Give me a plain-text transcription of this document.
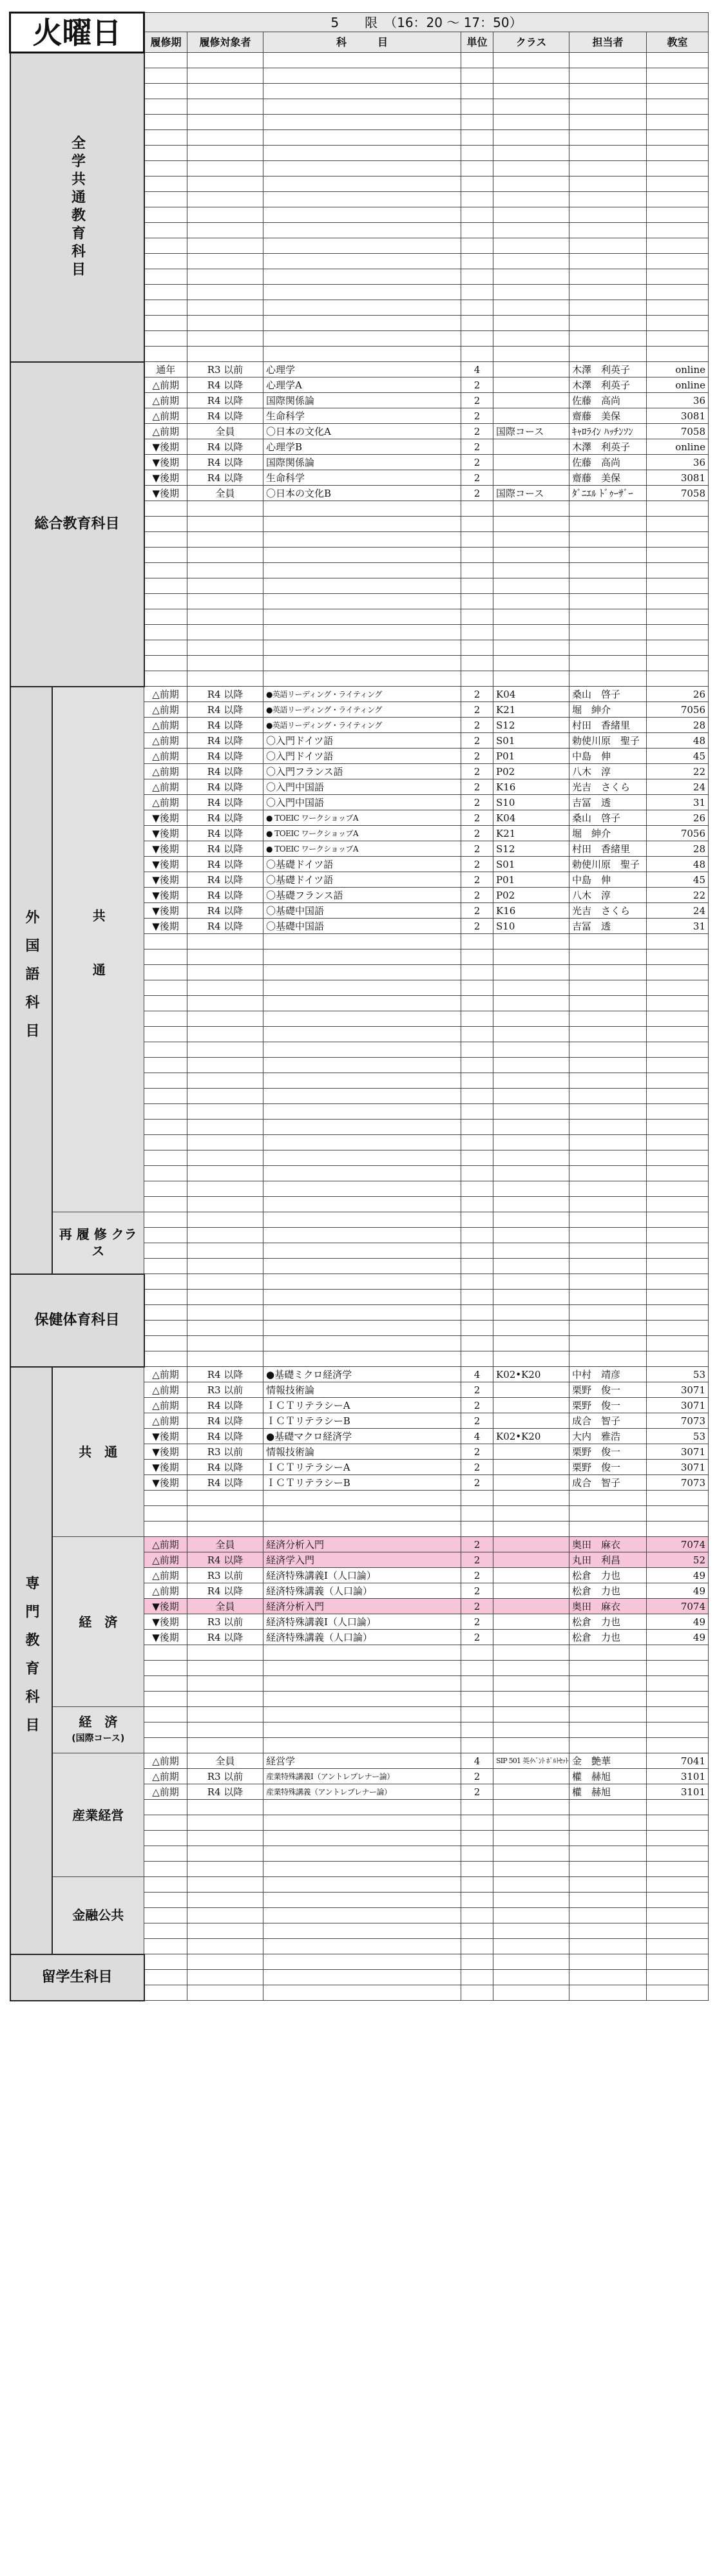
火曜日		5　　限　（16：20 〜 17：50）						
		履修期	履修対象者	科　　　目	単位	クラス	担当者	教室
全学共通教育科目								

総合教育科目		通年	R3 以前	心理学	4		木澤　利英子	online
		△前期	R4 以降	心理学A	2		木澤　利英子	online
		△前期	R4 以降	国際関係論	2		佐藤　高尚	36
		△前期	R4 以降	生命科学	2		齋藤　美保	3081
		△前期	全員	〇日本の文化A	2	国際コース	ｷｬﾛﾗｲﾝ ﾊｯﾁﾝｿﾝ	7058
		▼後期	R4 以降	心理学B	2		木澤　利英子	online
		▼後期	R4 以降	国際関係論	2		佐藤　高尚	36
		▼後期	R4 以降	生命科学	2		齋藤　美保	3081
		▼後期	全員	〇日本の文化B	2	国際コース	ﾀﾞﾆｴﾙ ﾄﾞｩｰｻﾞｰ	7058

外国語科目	共　通	△前期	R4 以降	●英語リーディング・ライティング	2	K04	桑山　啓子	26
		△前期	R4 以降	●英語リーディング・ライティング	2	K21	堀　紳介	7056
		△前期	R4 以降	●英語リーディング・ライティング	2	S12	村田　香緒里	28
		△前期	R4 以降	〇入門ドイツ語	2	S01	勅使川原　聖子	48
		△前期	R4 以降	〇入門ドイツ語	2	P01	中島　伸	45
		△前期	R4 以降	〇入門フランス語	2	P02	八木　淳	22
		△前期	R4 以降	〇入門中国語	2	K16	光吉　さくら	24
		△前期	R4 以降	〇入門中国語	2	S10	吉冨　透	31
		▼後期	R4 以降	● TOEIC ワークショップA	2	K04	桑山　啓子	26
		▼後期	R4 以降	● TOEIC ワークショップA	2	K21	堀　紳介	7056
		▼後期	R4 以降	● TOEIC ワークショップA	2	S12	村田　香緒里	28
		▼後期	R4 以降	〇基礎ドイツ語	2	S01	勅使川原　聖子	48
		▼後期	R4 以降	〇基礎ドイツ語	2	P01	中島　伸	45
		▼後期	R4 以降	〇基礎フランス語	2	P02	八木　淳	22
		▼後期	R4 以降	〇基礎中国語	2	K16	光吉　さくら	24
		▼後期	R4 以降	〇基礎中国語	2	S10	吉冨　透	31

	再 履 修 クラス							

保健体育科目								

専門教育科目	共　通	△前期	R4 以降	●基礎ミクロ経済学	4	K02•K20	中村　靖彦	53
		△前期	R3 以前	情報技術論	2		栗野　俊一	3071
		△前期	R4 以降	ＩＣＴリテラシーA	2		栗野　俊一	3071
		△前期	R4 以降	ＩＣＴリテラシーB	2		成合　智子	7073
		▼後期	R4 以降	●基礎マクロ経済学	4	K02•K20	大内　雅浩	53
		▼後期	R3 以前	情報技術論	2		栗野　俊一	3071
		▼後期	R4 以降	ＩＣＴリテラシーA	2		栗野　俊一	3071
		▼後期	R4 以降	ＩＣＴリテラシーB	2		成合　智子	7073

	経　済	△前期	全員	経済分析入門	2		奥田　麻衣	7074
		△前期	R4 以降	経済学入門	2		丸田　利昌	52
		△前期	R3 以前	経済特殊講義Ⅰ（人口論）	2		松倉　力也	49
		△前期	R4 以降	経済特殊講義（人口論）	2		松倉　力也	49
		▼後期	全員	経済分析入門	2		奥田　麻衣	7074
		▼後期	R3 以前	経済特殊講義Ⅰ（人口論）	2		松倉　力也	49
		▼後期	R4 以降	経済特殊講義（人口論）	2		松倉　力也	49

	経　済
(国際コース)							

	産業経営	△前期	全員	経営学	4	SIP 501 英ｲﾍﾞﾝﾄ ﾎﾟﾙﾄｾｯﾄ	金　艶華	7041
		△前期	R3 以前	産業特殊講義Ⅰ（アントレプレナー論）	2		權　赫旭	3101
		△前期	R4 以降	産業特殊講義（アントレプレナー論）	2		權　赫旭	3101

	金融公共							

留学生科目								
